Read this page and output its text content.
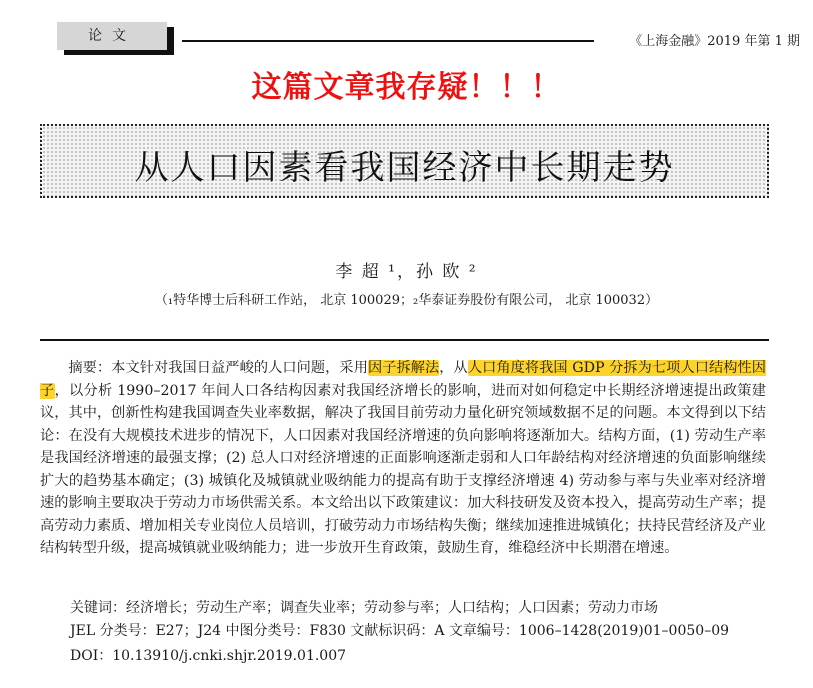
论文	《上海金融》2019 年第 1 期
这篇文章我存疑！！！
从人口因素看我国经济中长期走势
李 超 ¹，孙 欧 ²
（₁特华博士后科研工作站， 北京 100029；₂华泰证券股份有限公司， 北京 100032）

摘要：本文针对我国日益严峻的人口问题，采用因子拆解法，从人口角度将我国 GDP 分拆为七项人口结构性因子，以分析 1990–2017 年间人口各结构因素对我国经济增长的影响，进而对如何稳定中长期经济增速提出政策建议，其中，创新性构建我国调查失业率数据，解决了我国目前劳动力量化研究领域数据不足的问题。本文得到以下结论：在没有大规模技术进步的情况下，人口因素对我国经济增速的负向影响将逐渐加大。结构方面，(1) 劳动生产率是我国经济增速的最强支撑；(2) 总人口对经济增速的正面影响逐渐走弱和人口年龄结构对经济增速的负面影响继续扩大的趋势基本确定；(3) 城镇化及城镇就业吸纳能力的提高有助于支撑经济增速 4) 劳动参与率与失业率对经济增速的影响主要取决于劳动力市场供需关系。本文给出以下政策建议：加大科技研发及资本投入，提高劳动生产率；提高劳动力素质、增加相关专业岗位人员培训，打破劳动力市场结构失衡；继续加速推进城镇化；扶持民营经济及产业结构转型升级，提高城镇就业吸纳能力；进一步放开生育政策，鼓励生育，维稳经济中长期潜在增速。

关键词：经济增长；劳动生产率；调查失业率；劳动参与率；人口结构；人口因素；劳动力市场
JEL 分类号：E27；J24 中图分类号：F830 文献标识码：A 文章编号：1006–1428(2019)01–0050–09
DOI：10.13910/j.cnki.shjr.2019.01.007
